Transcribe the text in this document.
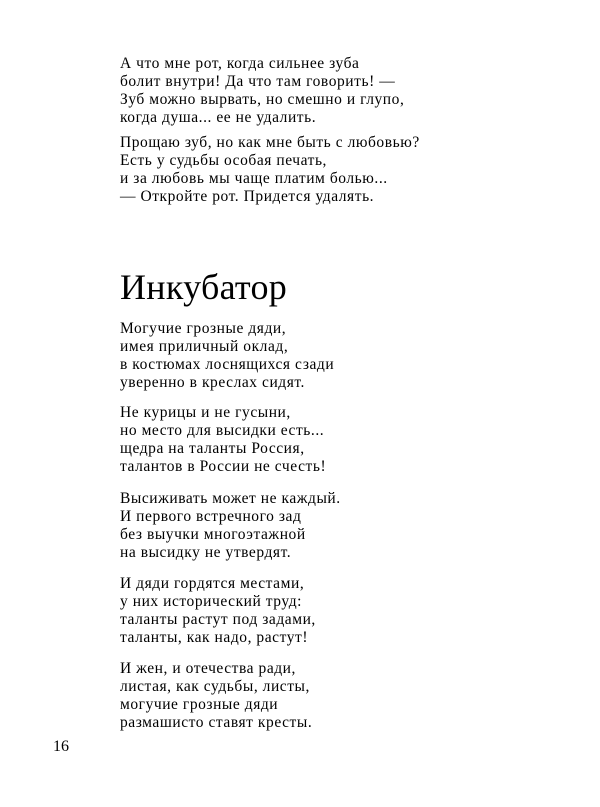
А что мне рот, когда сильнее зуба
болит внутри! Да что там говорить! —
Зуб можно вырвать, но смешно и глупо,
когда душа... ее не удалить.
Прощаю зуб, но как мне быть с любовью?
Есть у судьбы особая печать,
и за любовь мы чаще платим болью...
— Откройте рот. Придется удалять.
Инкубатор
Могучие грозные дяди,
имея приличный оклад,
в костюмах лоснящихся сзади
уверенно в креслах сидят.
Не курицы и не гусыни,
но место для высидки есть...
щедра на таланты Россия,
талантов в России не счесть!
Высиживать может не каждый.
И первого встречного зад
без выучки многоэтажной
на высидку не утвердят.
И дяди гордятся местами,
у них исторический труд:
таланты растут под задами,
таланты, как надо, растут!
И жен, и отечества ради,
листая, как судьбы, листы,
могучие грозные дяди
размашисто ставят кресты.
16
